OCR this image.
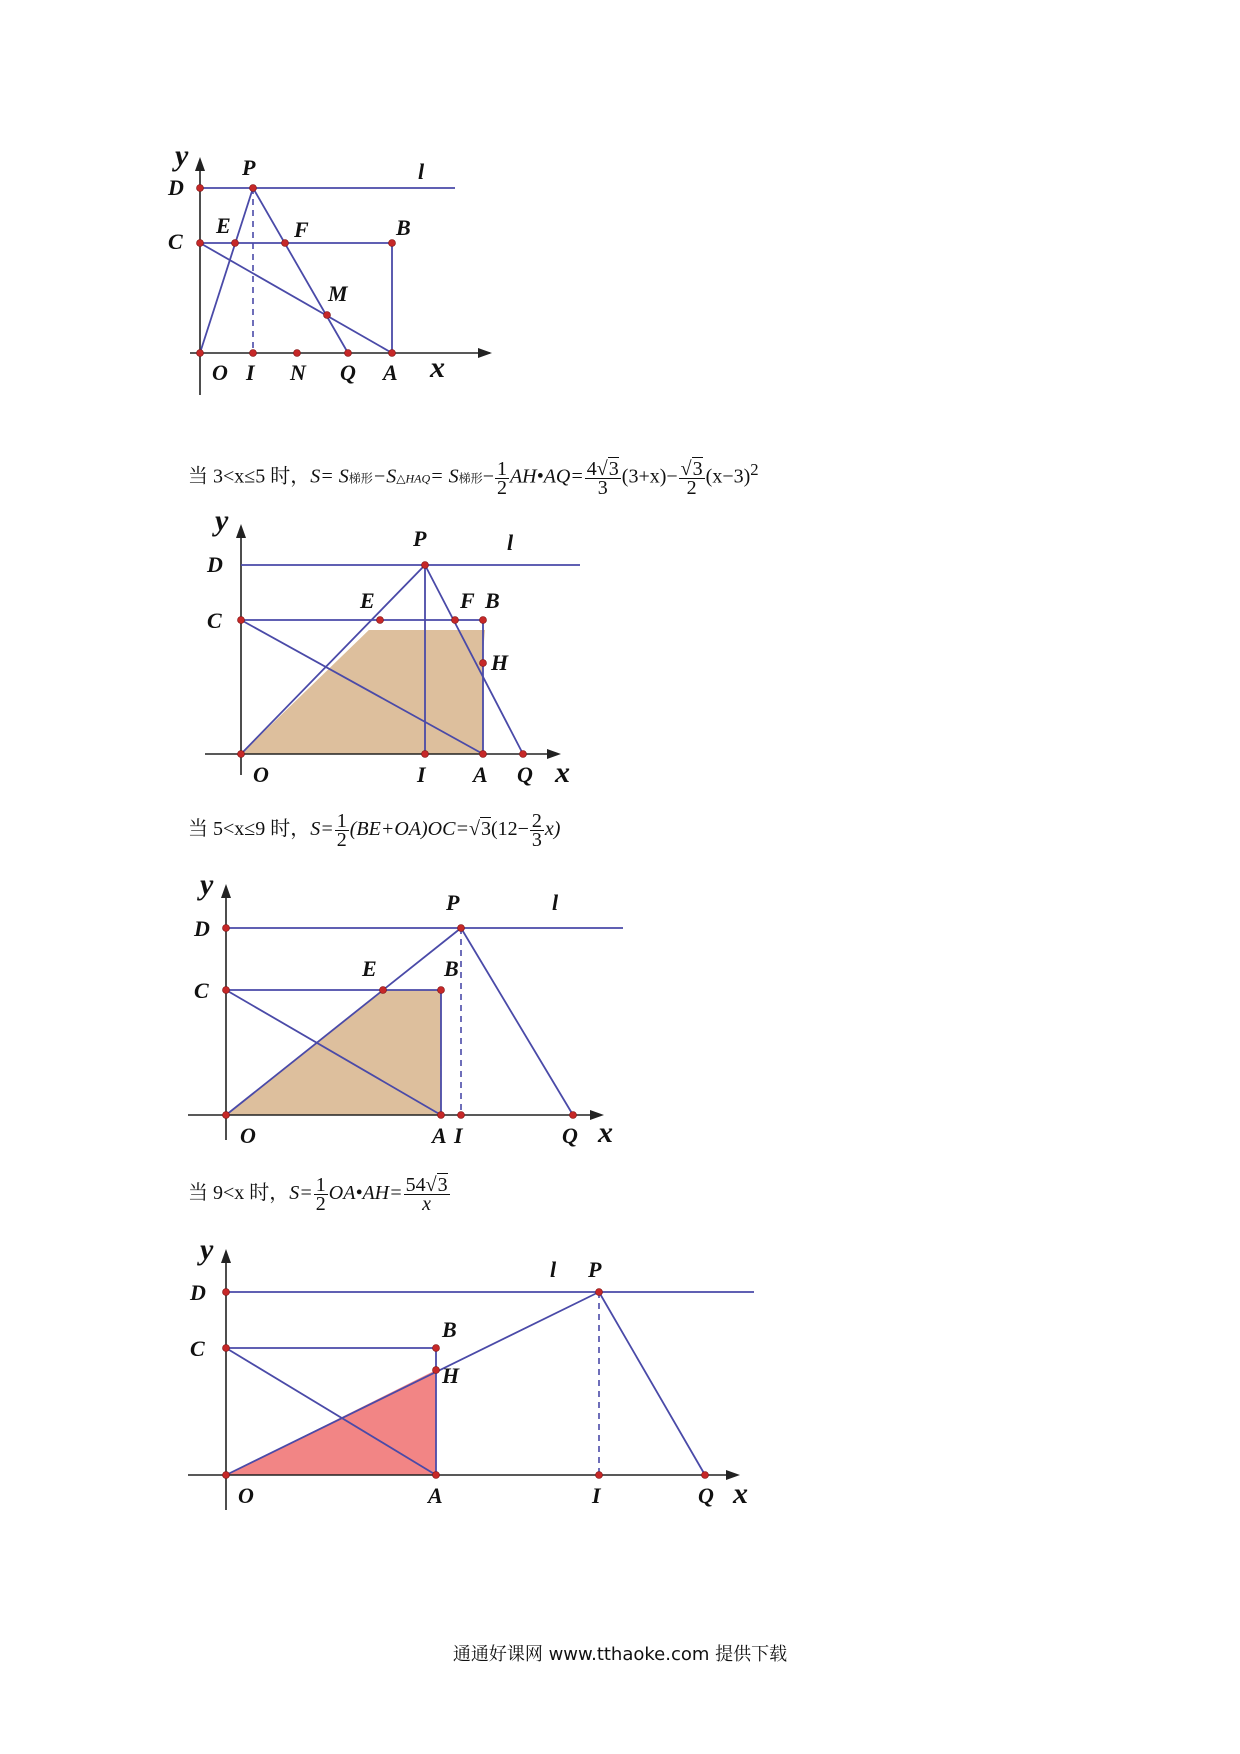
y
x
D
C
P	l
E	F	B
M
O I N Q A
当 3<x≤5 时，S= S梯形−S△HAQ= S梯形− $\frac{1}{2}$ AH•AQ= $\frac{4√3}{3} (3+x)- \frac{√3}{2} (x-3)^2$
y
x
D
C
P	l
E	F B
H
O	I A Q
当 5<x≤9 时，$S= \frac{1}{2} (BE+OA)OC=√3(12- \frac{2}{3} x)$
y
x
D
C
P	l
E	B
O	A I	Q
当 9<x 时，$S= \frac{1}{2}$ OA•AH= $\frac{54√3}{x}$
y
x
D
C
P
l
B
H
O	A	I	Q
通通好课网 www.tthaoke.com 提供下载
